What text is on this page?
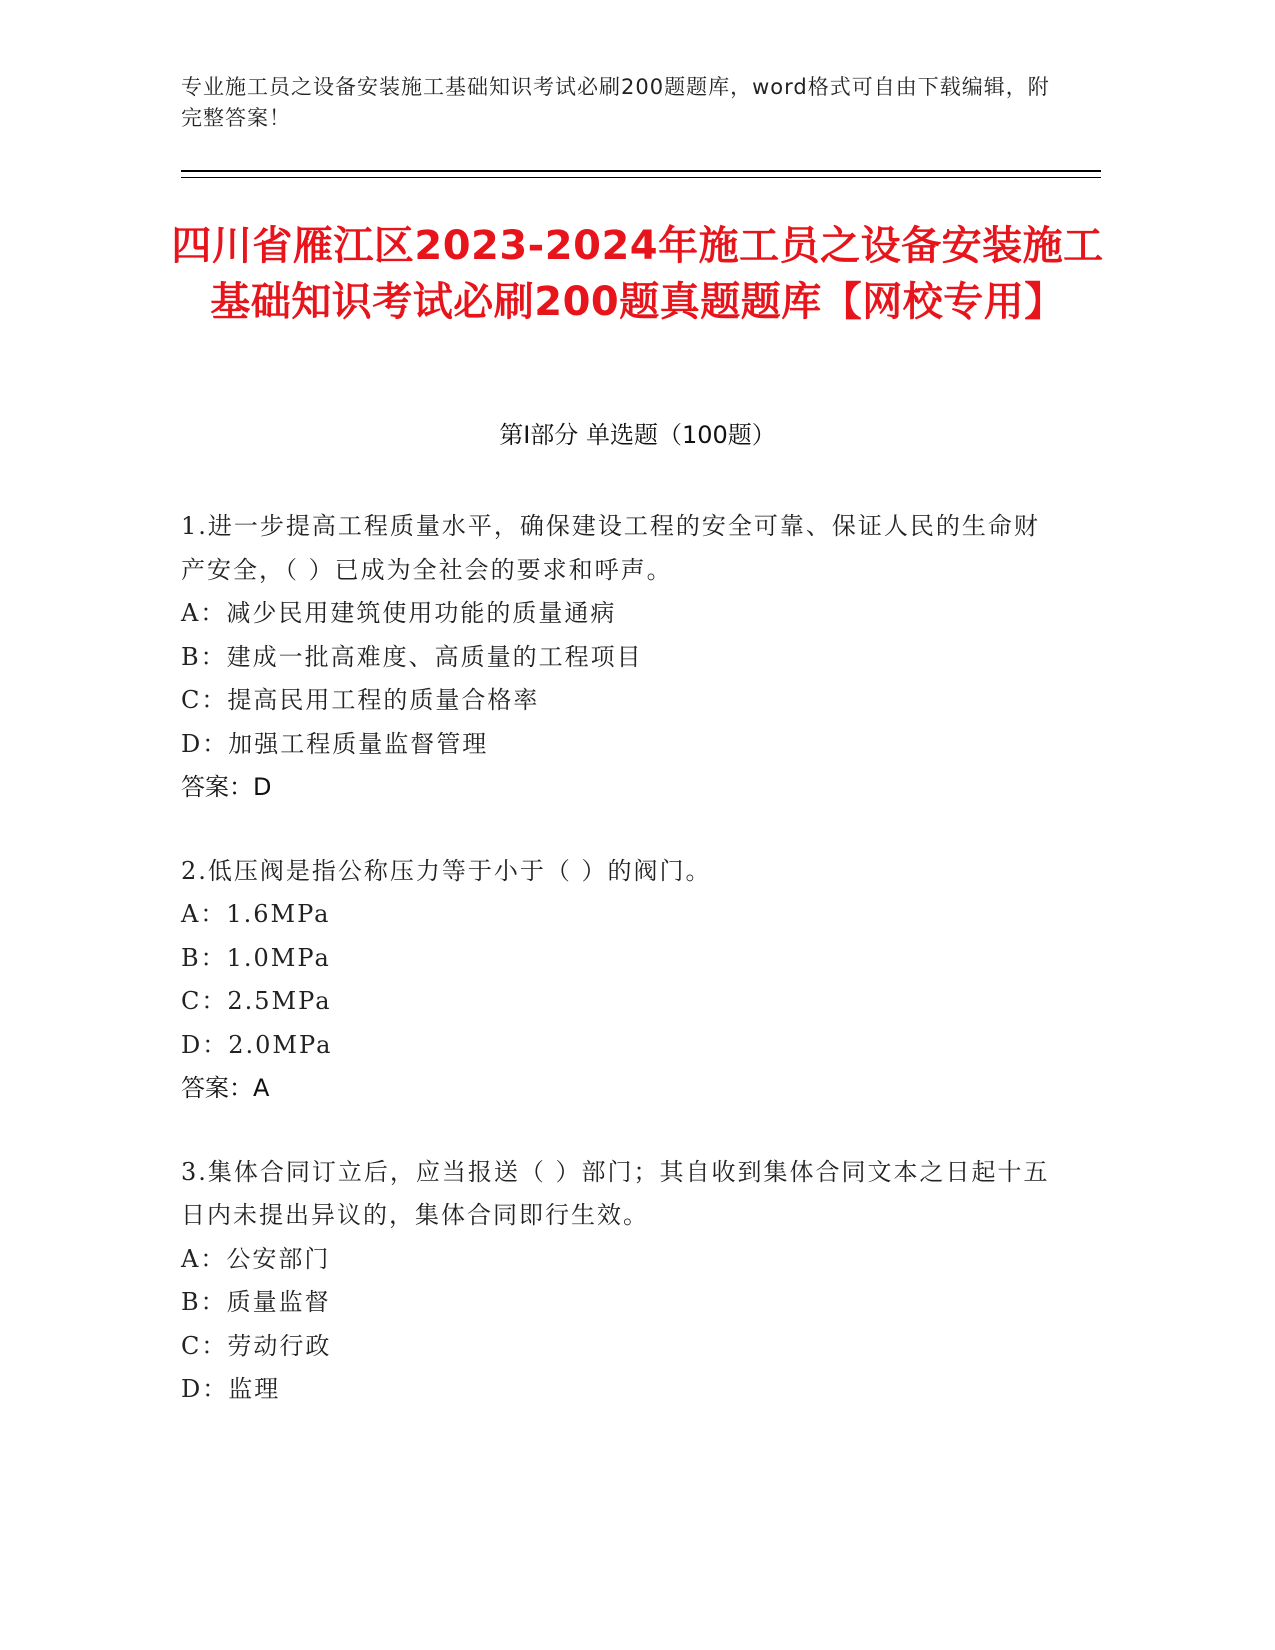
专业施工员之设备安装施工基础知识考试必刷200题题库，word格式可自由下载编辑，附完整答案！
四川省雁江区2023-2024年施工员之设备安装施工基础知识考试必刷200题真题题库【网校专用】
第I部分 单选题（100题）
1.进一步提高工程质量水平，确保建设工程的安全可靠、保证人民的生命财产安全，（ ）已成为全社会的要求和呼声。
A：减少民用建筑使用功能的质量通病
B：建成一批高难度、高质量的工程项目
C：提高民用工程的质量合格率
D：加强工程质量监督管理
答案：D
2.低压阀是指公称压力等于小于（ ）的阀门。
A：1.6MPa
B：1.0MPa
C：2.5MPa
D：2.0MPa
答案：A
3.集体合同订立后，应当报送（ ）部门；其自收到集体合同文本之日起十五日内未提出异议的，集体合同即行生效。
A：公安部门
B：质量监督
C：劳动行政
D：监理
